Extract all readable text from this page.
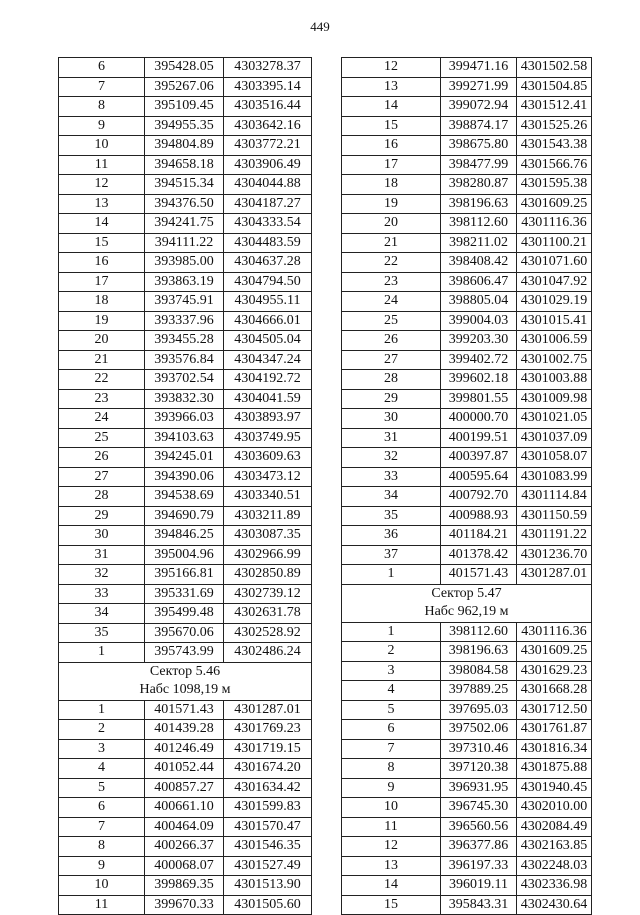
449
6	395428.05	4303278.37
7	395267.06	4303395.14
8	395109.45	4303516.44
9	394955.35	4303642.16
10	394804.89	4303772.21
11	394658.18	4303906.49
12	394515.34	4304044.88
13	394376.50	4304187.27
14	394241.75	4304333.54
15	394111.22	4304483.59
16	393985.00	4304637.28
17	393863.19	4304794.50
18	393745.91	4304955.11
19	393337.96	4304666.01
20	393455.28	4304505.04
21	393576.84	4304347.24
22	393702.54	4304192.72
23	393832.30	4304041.59
24	393966.03	4303893.97
25	394103.63	4303749.95
26	394245.01	4303609.63
27	394390.06	4303473.12
28	394538.69	4303340.51
29	394690.79	4303211.89
30	394846.25	4303087.35
31	395004.96	4302966.99
32	395166.81	4302850.89
33	395331.69	4302739.12
34	395499.48	4302631.78
35	395670.06	4302528.92
1	395743.99	4302486.24

Сектор 5.46
Набс 1098,19 м		

1	401571.43	4301287.01
2	401439.28	4301769.23
3	401246.49	4301719.15
4	401052.44	4301674.20
5	400857.27	4301634.42
6	400661.10	4301599.83
7	400464.09	4301570.47
8	400266.37	4301546.35
9	400068.07	4301527.49
10	399869.35	4301513.90
11	399670.33	4301505.60
12	399471.16	4301502.58
13	399271.99	4301504.85
14	399072.94	4301512.41
15	398874.17	4301525.26
16	398675.80	4301543.38
17	398477.99	4301566.76
18	398280.87	4301595.38
19	398196.63	4301609.25
20	398112.60	4301116.36
21	398211.02	4301100.21
22	398408.42	4301071.60
23	398606.47	4301047.92
24	398805.04	4301029.19
25	399004.03	4301015.41
26	399203.30	4301006.59
27	399402.72	4301002.75
28	399602.18	4301003.88
29	399801.55	4301009.98
30	400000.70	4301021.05
31	400199.51	4301037.09
32	400397.87	4301058.07
33	400595.64	4301083.99
34	400792.70	4301114.84
35	400988.93	4301150.59
36	401184.21	4301191.22
37	401378.42	4301236.70
1	401571.43	4301287.01

Сектор 5.47
Набс 962,19 м		

1	398112.60	4301116.36
2	398196.63	4301609.25
3	398084.58	4301629.23
4	397889.25	4301668.28
5	397695.03	4301712.50
6	397502.06	4301761.87
7	397310.46	4301816.34
8	397120.38	4301875.88
9	396931.95	4301940.45
10	396745.30	4302010.00
11	396560.56	4302084.49
12	396377.86	4302163.85
13	396197.33	4302248.03
14	396019.11	4302336.98
15	395843.31	4302430.64
